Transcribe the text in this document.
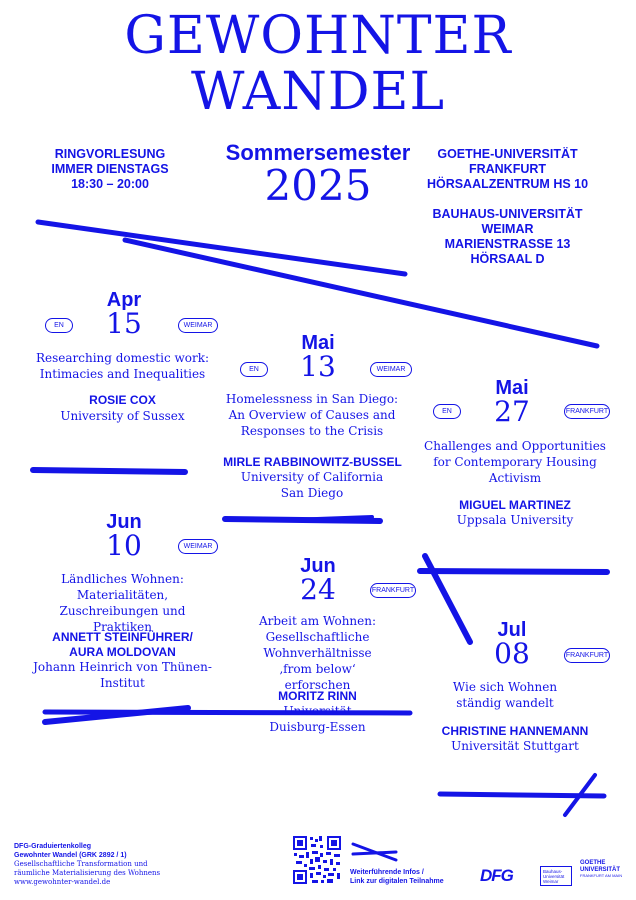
GEWOHNTER
WANDEL
RINGVORLESUNG
IMMER DIENSTAGS
18:30 – 20:00
Sommersemester
2025
GOETHE-UNIVERSITÄT
FRANKFURT
HÖRSAALZENTRUM HS 10
BAUHAUS-UNIVERSITÄT
WEIMAR
MARIENSTRASSE 13
HÖRSAAL D
Apr
15
EN	WEIMAR
Researching domestic work: Intimacies and Inequalities
ROSIE COX
University of Sussex
Mai
13
EN	WEIMAR
Homelessness in San Diego: An Overview of Causes and Responses to the Crisis
MIRLE RABBINOWITZ-BUSSEL
University of California San Diego
Mai
27
EN	FRANKFURT
Challenges and Opportunities for Contemporary Housing Activism
MIGUEL MARTINEZ
Uppsala University
Jun
10	WEIMAR
Ländliches Wohnen: Materialitäten, Zuschreibungen und Praktiken
ANNETT STEINFÜHRER/ AURA MOLDOVAN
Johann Heinrich von Thünen-Institut
Jun
24	FRANKFURT
Arbeit am Wohnen: Gesellschaftliche Wohnverhältnisse ‚from below‘ erforschen
MORITZ RINN
Universität Duisburg-Essen
Jul
08	FRANKFURT
Wie sich Wohnen ständig wandelt
CHRISTINE HANNEMANN
Universität Stuttgart
DFG-Graduiertenkolleg
Gewohnter Wandel (GRK 2892 / 1)
Gesellschaftliche Transformation und
räumliche Materialisierung des Wohnens
www.gewohnter-wandel.de
Weiterführende Infos /
Link zur digitalen Teilnahme	DFG	Bauhaus-Universität Weimar
GOETHE
UNIVERSITÄT
FRANKFURT AM MAIN
